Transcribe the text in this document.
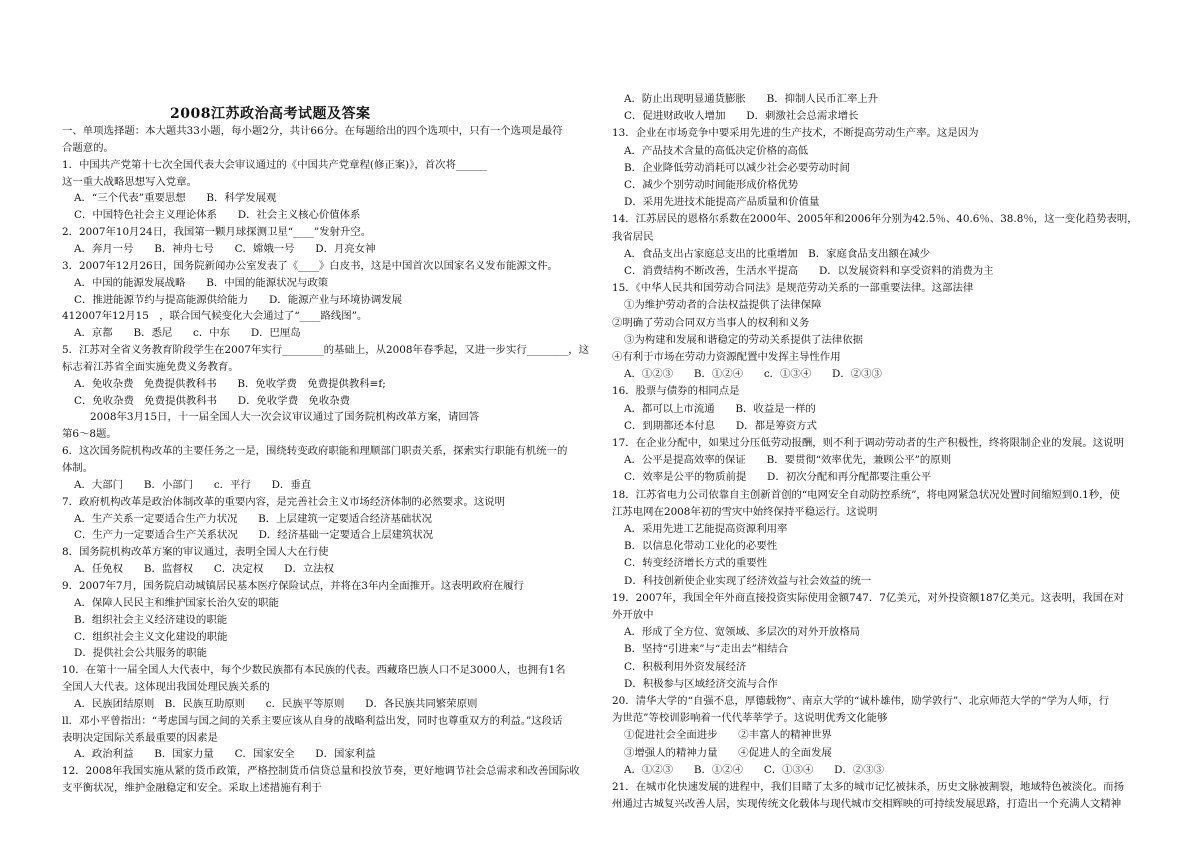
2008江苏政治高考试题及答案
一、单项选择题：本大题共33小题，每小题2分，共计66分。在每题给出的四个选项中，只有一个选项是最符
合题意的。
1．中国共产党第十七次全国代表大会审议通过的《中国共产党章程(修正案)》，首次将______
这一重大战略思想写入党章。
A．“三个代表”重要思想　　B．科学发展观
C．中国特色社会主义理论体系　　D．社会主义核心价值体系
2．2007年10月24日，我国第一颗月球探测卫星“____”发射升空。
A．奔月一号　　B．神舟七号　　C．嫦娥一号　　D．月亮女神
3．2007年12月26日，国务院新闻办公室发表了《____》白皮书，这是中国首次以国家名义发布能源文件。
A．中国的能源发展战略　　B．中国的能源状况与政策
C．推进能源节约与提高能源供给能力　　D．能源产业与环境协调发展
412007年12月15　，联合国气候变化大会通过了“____路线图”。
A．京都　　B．悉尼　　c．中东　　D．巴厘岛
5．江苏对全省义务教育阶段学生在2007年实行________的基础上，从2008年春季起，又进一步实行________，这
标志着江苏省全面实施免费义务教育。
A．免收杂费　免费提供教科书　　B．免收学费　免费提供教科≡f;
C．免收杂费　免费提供教科书　　D．免收学费　免收杂费
2008年3月15日，十一届全国人大一次会议审议通过了国务院机构改革方案，请回答
第6～8题。
6．这次国务院机构改革的主要任务之一是，围绕转变政府职能和理顺部门职责关系，探索实行职能有机统一的
体制。
A．大部门　　B．小部门　　c．平行　　D．垂直
7．政府机构改革是政治体制改革的重要内容，是完善社会主义市场经济体制的必然要求。这说明
A．生产关系一定要适合生产力状况　　B．上层建筑一定要适合经济基础状况
C．生产力一定要适合生产关系状况　　D．经济基础一定要适合上层建筑状况
8．国务院机构改革方案的审议通过，表明全国人大在行使
A．任免权　　B．监督权　　C．决定权　　D．立法权
9．2007年7月，国务院启动城镇居民基本医疗保险试点，并将在3年内全面推开。这表明政府在履行
A．保障人民民主和维护国家长治久安的职能
B．组织社会主义经济建设的职能
C．组织社会主义文化建设的职能
D．提供社会公共服务的职能
10．在第十一届全国人大代表中，每个少数民族都有本民族的代表。西藏珞巴族人口不足3000人，也拥有1名
全国人大代表。这体现出我国处理民族关系的
A．民族团结原则　B．民族互助原则　　c．民族平等原则　　D．各民族共同繁荣原则
ll．邓小平曾指出：“考虑国与国之间的关系主要应该从自身的战略利益出发，同时也尊重双方的利益。”这段话
表明决定国际关系最重要的因素是
A．政治利益　　B．国家力量　　C．国家安全　　D．国家利益
12．2008年我国实施从紧的货币政策，严格控制货币信贷总量和投放节奏，更好地调节社会总需求和改善国际收
支平衡状况，维护金融稳定和安全。采取上述措施有利于
A．防止出现明显通货膨胀　　B．抑制人民币汇率上升
C．促进财政收人增加　　D．刺激社会总需求增长
13．企业在市场竞争中要采用先进的生产技术，不断提高劳动生产率。这是因为
A．产品技术含量的高低决定价格的高低
B．企业降低劳动消耗可以减少社会必要劳动时间
C．减少个别劳动时间能形成价格优势
D．采用先进技术能提高产品质量和价值量
14．江苏居民的恩格尔系数在2000年、2005年和2006年分别为42.5％、40.6％、38.8％，这一变化趋势表明，
我省居民
A．食品支出占家庭总支出的比重增加　B．家庭食品支出额在减少
C．消费结构不断改善，生活水平提高　　D．以发展资料和享受资料的消费为主
15．《中华人民共和国劳动合同法》是规范劳动关系的一部重要法律。这部法律
①为维护劳动者的合法权益提供了法律保障
②明确了劳动合同双方当事人的权利和义务
③为构建和发展和谐稳定的劳动关系提供了法律依据
④有利于市场在劳动力资源配置中发挥主导性作用
A．①②③　　B．①②④　　c．①③④　　D．②③③
16．股票与债券的相同点是
A．都可以上市流通　　B．收益是一样的
C．到期都还本付息　　D．都是筹资方式
17．在企业分配中，如果过分压低劳动报酬，则不利于调动劳动者的生产积极性，终将限制企业的发展。这说明
A．公平是提高效率的保证　　B．要贯彻“效率优先，兼顾公平”的原则
C．效率是公平的物质前提　　D．初次分配和再分配都要注重公平
18．江苏省电力公司依靠自主创新首创的“电网安全自动防控系统”，将电网紧急状况处置时间缩短到0.1秒，使
江苏电网在2008年初的雪灾中始终保持平稳运行。这说明
A．采用先进工艺能提高资源利用率
B．以信息化带动工业化的必要性
C．转变经济增长方式的重要性
D．科技创新使企业实现了经济效益与社会效益的统一
19．2007年，我国全年外商直接投资实际使用金额747．7亿美元，对外投资额187亿美元。这表明，我国在对
外开放中
A．形成了全方位、宽领域、多层次的对外开放格局
B．坚持“引进来”与“走出去”相结合
C．积极利用外资发展经济
D．积极参与区域经济交流与合作
20．清华大学的“自强不息，厚德载物”、南京大学的“诚朴雄伟，励学敦行”、北京师范大学的“学为人师，行
为世范”等校训影响着一代代莘莘学子。这说明优秀文化能够
①促进社会全面进步　　②丰富人的精神世界
③增强人的精神力量　　④促进人的全面发展
A．①②③　　B．①②④　　C．①③④　　D．②③③
21．在城市化快速发展的进程中，我们目睹了太多的城市记忆被抹杀，历史文脉被割裂，地域特色被淡化。而扬
州通过古城复兴改善人居，实现传统文化载体与现代城市交相辉映的可持续发展思路，打造出一个充满人文精神
